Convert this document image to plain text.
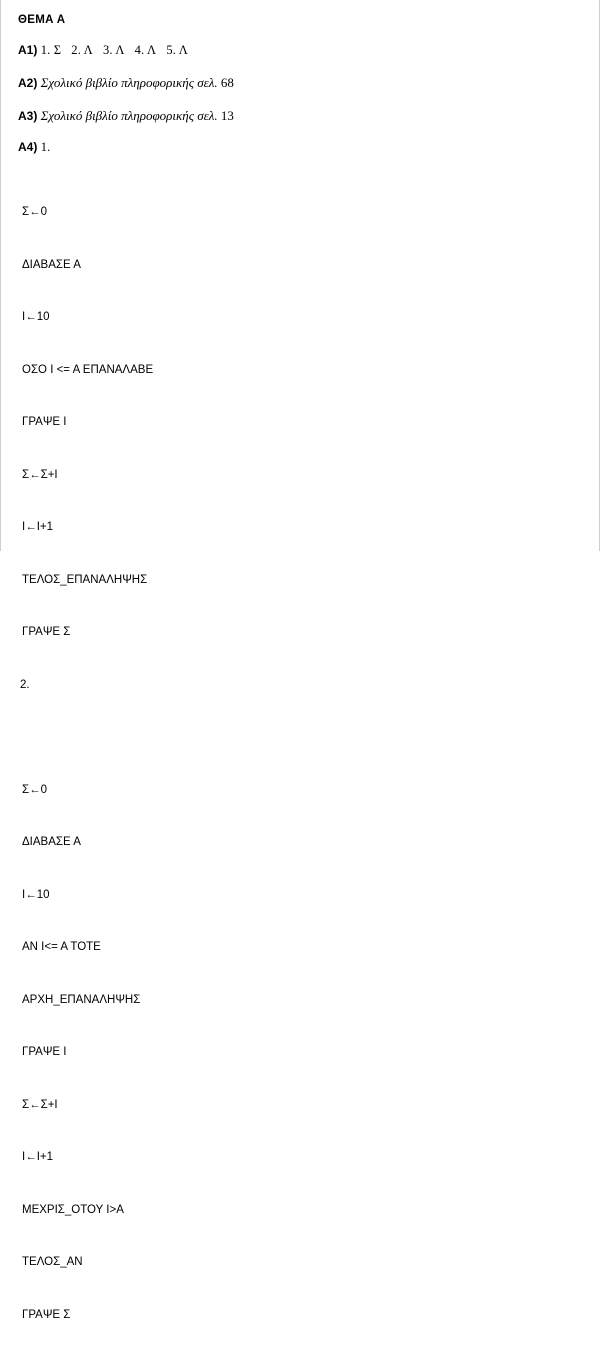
ΘΕΜΑ Α
Α1) 1. Σ 2. Λ 3. Λ 4. Λ 5. Λ
Α2) Σχολικό βιβλίο πληροφορικής σελ. 68
Α3) Σχολικό βιβλίο πληροφορικής σελ. 13
Α4) 1.

Σ←0

ΔΙΑΒΑΣΕ Α

Ι←10

ΟΣΟ Ι <= Α ΕΠΑΝΑΛΑΒΕ

ΓΡΑΨΕ Ι

Σ←Σ+Ι

Ι←Ι+1

ΤΕΛΟΣ_ΕΠΑΝΑΛΗΨΗΣ

ΓΡΑΨΕ Σ

2.

Σ←0

ΔΙΑΒΑΣΕ Α

Ι←10

ΑΝ Ι<= Α ΤΟΤΕ

ΑΡΧΗ_ΕΠΑΝΑΛΗΨΗΣ

ΓΡΑΨΕ Ι

Σ←Σ+Ι

Ι←Ι+1

ΜΕΧΡΙΣ_ΟΤΟΥ Ι>Α

ΤΕΛΟΣ_ΑΝ

ΓΡΑΨΕ Σ
